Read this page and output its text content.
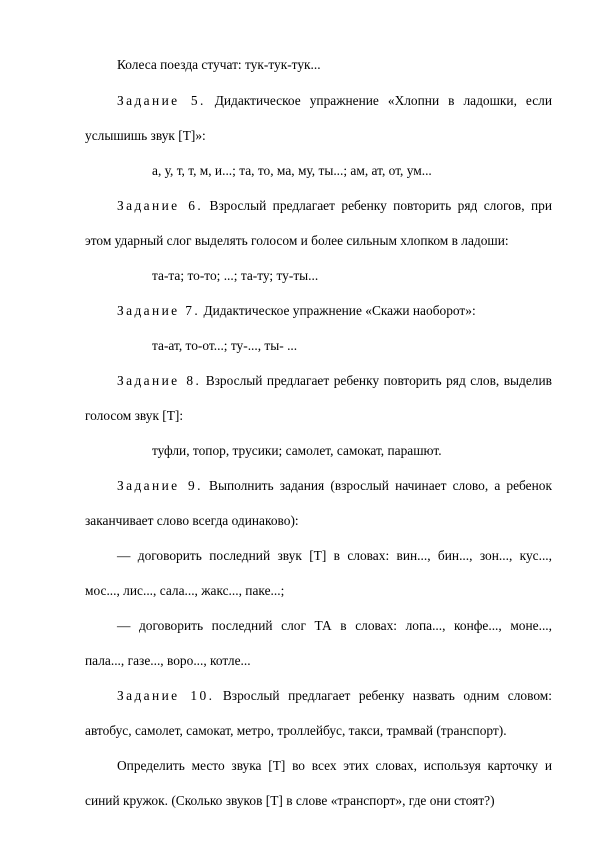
Колеса поезда стучат: тук-тук-тук...
Задание 5. Дидактическое упражнение «Хлопни в ладошки, если
услышишь звук [Т]»:
а, у, т, т, м, и...; та, то, ма, му, ты...; ам, ат, от, ум...
Задание 6. Взрослый предлагает ребенку повторить ряд слогов, при
этом ударный слог выделять голосом и более сильным хлопком в ладоши:
та-та; то-то; ...; та-ту; ту-ты...
Задание 7. Дидактическое упражнение «Скажи наоборот»:
та-ат, то-от...; ту-..., ты- ...
Задание 8. Взрослый предлагает ребенку повторить ряд слов, выделив
голосом звук [Т]:
туфли, топор, трусики; самолет, самокат, парашют.
Задание 9. Выполнить задания (взрослый начинает слово, а ребенок
заканчивает слово всегда одинаково):
— договорить последний звук [Т] в словах: вин..., бин..., зон..., кус...,
мос..., лис..., сала..., жакс..., паке...;
— договорить последний слог ТА в словах: лопа..., конфе..., моне...,
пала..., газе..., воро..., котле...
Задание 10. Взрослый предлагает ребенку назвать одним словом:
автобус, самолет, самокат, метро, троллейбус, такси, трамвай (транспорт).
Определить место звука [Т] во всех этих словах, используя карточку и
синий кружок. (Сколько звуков [Т] в слове «транспорт», где они стоят?)
